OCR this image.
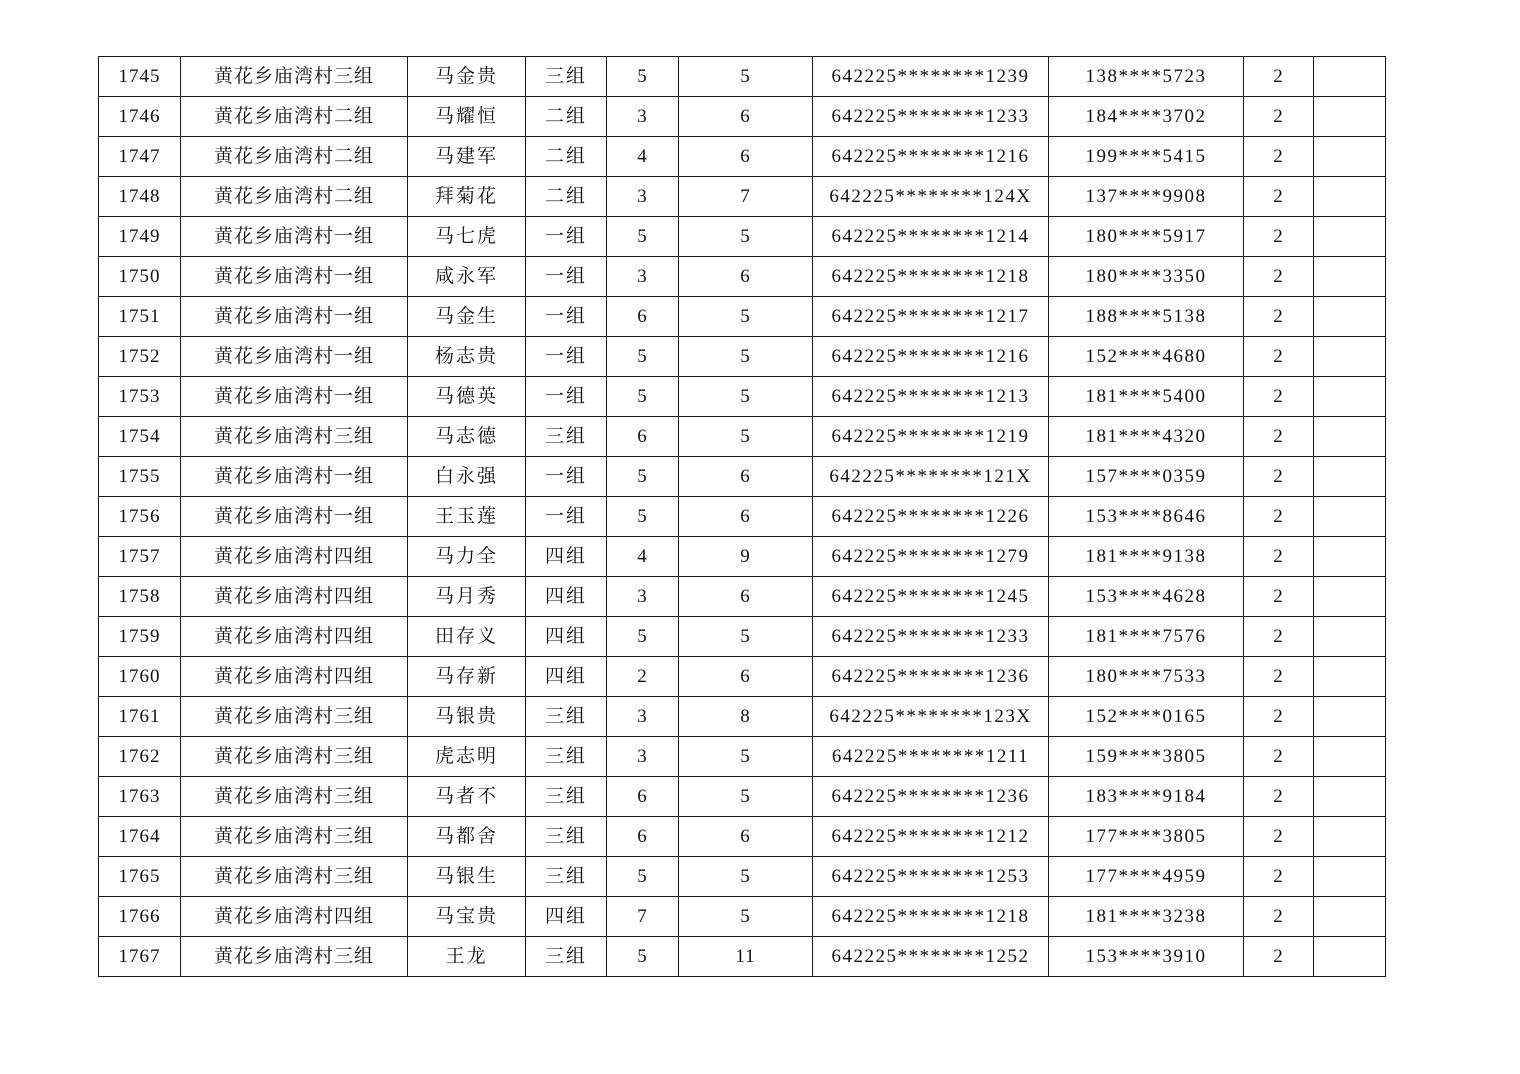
1745	黄花乡庙湾村三组	马金贵	三组	5	5	642225********1239	138****5723	2	
1746	黄花乡庙湾村二组	马耀恒	二组	3	6	642225********1233	184****3702	2	
1747	黄花乡庙湾村二组	马建军	二组	4	6	642225********1216	199****5415	2	
1748	黄花乡庙湾村二组	拜菊花	二组	3	7	642225********124X	137****9908	2	
1749	黄花乡庙湾村一组	马七虎	一组	5	5	642225********1214	180****5917	2	
1750	黄花乡庙湾村一组	咸永军	一组	3	6	642225********1218	180****3350	2	
1751	黄花乡庙湾村一组	马金生	一组	6	5	642225********1217	188****5138	2	
1752	黄花乡庙湾村一组	杨志贵	一组	5	5	642225********1216	152****4680	2	
1753	黄花乡庙湾村一组	马德英	一组	5	5	642225********1213	181****5400	2	
1754	黄花乡庙湾村三组	马志德	三组	6	5	642225********1219	181****4320	2	
1755	黄花乡庙湾村一组	白永强	一组	5	6	642225********121X	157****0359	2	
1756	黄花乡庙湾村一组	王玉莲	一组	5	6	642225********1226	153****8646	2	
1757	黄花乡庙湾村四组	马力全	四组	4	9	642225********1279	181****9138	2	
1758	黄花乡庙湾村四组	马月秀	四组	3	6	642225********1245	153****4628	2	
1759	黄花乡庙湾村四组	田存义	四组	5	5	642225********1233	181****7576	2	
1760	黄花乡庙湾村四组	马存新	四组	2	6	642225********1236	180****7533	2	
1761	黄花乡庙湾村三组	马银贵	三组	3	8	642225********123X	152****0165	2	
1762	黄花乡庙湾村三组	虎志明	三组	3	5	642225********1211	159****3805	2	
1763	黄花乡庙湾村三组	马者不	三组	6	5	642225********1236	183****9184	2	
1764	黄花乡庙湾村三组	马都舍	三组	6	6	642225********1212	177****3805	2	
1765	黄花乡庙湾村三组	马银生	三组	5	5	642225********1253	177****4959	2	
1766	黄花乡庙湾村四组	马宝贵	四组	7	5	642225********1218	181****3238	2	
1767	黄花乡庙湾村三组	王龙	三组	5	11	642225********1252	153****3910	2	
